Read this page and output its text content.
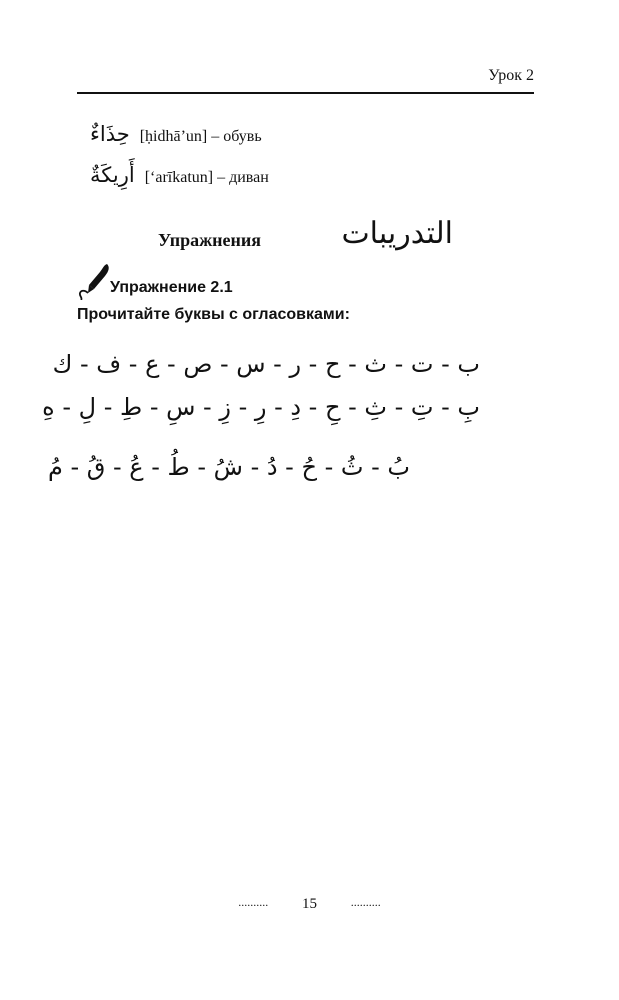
Урок 2
حِذَاءٌ [ḥidhā’un] – обувь
أَرِيكَةٌ [‘arīkatun] – диван
Упражнения	التدريبات
Упражнение 2.1
Прочитайте буквы с огласовками:
ب - ت - ث - ح - ر - س - ص - ع - ف - ك
بِ - تِ - ثِ - حِ - دِ - رِ - زِ - سِ - طِ - لِ - هِ
بُ - ثُ - حُ - دُ - شُ - طُ - عُ - قُ - مُ
.......... 15	..........
